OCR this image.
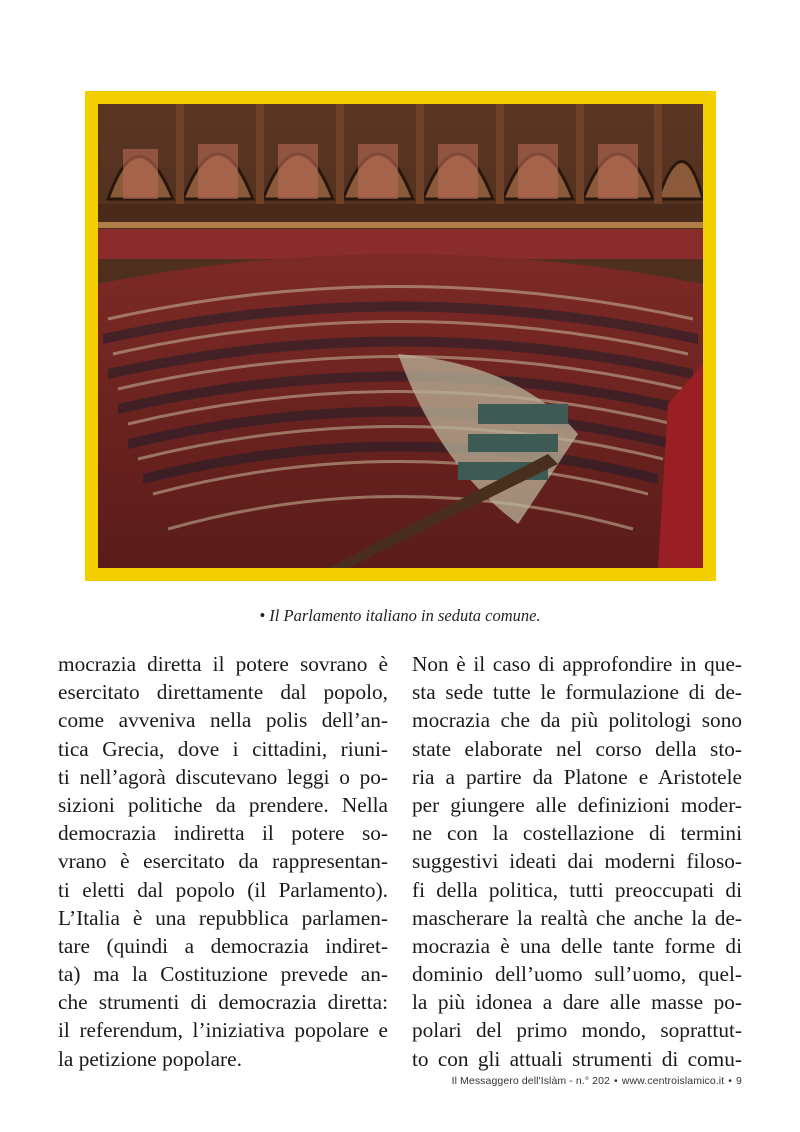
• Il Parlamento italiano in seduta comune.
mocrazia diretta il potere sovrano è
esercitato direttamente dal popolo,
come avveniva nella polis dell’an-
tica Grecia, dove i cittadini, riuni-
ti nell’agorà discutevano leggi o po-
sizioni politiche da prendere. Nella
democrazia indiretta il potere so-
vrano è esercitato da rappresentan-
ti eletti dal popolo (il Parlamento).
L’Italia è una repubblica parlamen-
tare (quindi a democrazia indiret-
ta) ma la Costituzione prevede an-
che strumenti di democrazia diretta:
il referendum, l’iniziativa popolare e
la petizione popolare.
Non è il caso di approfondire in que-
sta sede tutte le formulazione di de-
mocrazia che da più politologi sono
state elaborate nel corso della sto-
ria a partire da Platone e Aristotele
per giungere alle definizioni moder-
ne con la costellazione di termini
suggestivi ideati dai moderni filoso-
fi della politica, tutti preoccupati di
mascherare la realtà che anche la de-
mocrazia è una delle tante forme di
dominio dell’uomo sull’uomo, quel-
la più idonea a dare alle masse po-
polari del primo mondo, soprattut-
to con gli attuali strumenti di comu-
Il Messaggero dell'Islàm - n.° 202 • www.centroislamico.it • 9
